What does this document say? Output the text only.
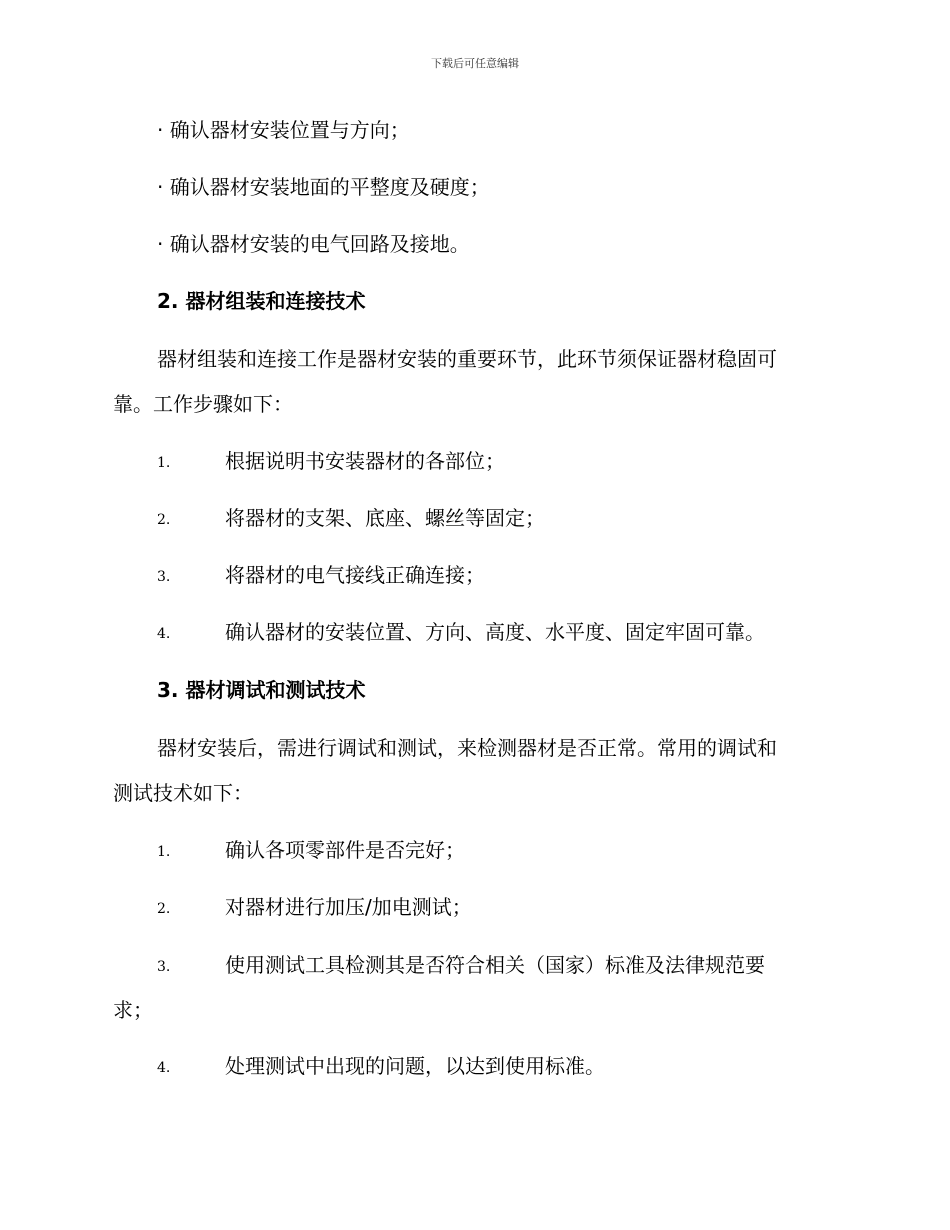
下载后可任意编辑
· 确认器材安装位置与方向；
· 确认器材安装地面的平整度及硬度；
· 确认器材安装的电气回路及接地。
2. 器材组装和连接技术
器材组装和连接工作是器材安装的重要环节，此环节须保证器材稳固可
靠。工作步骤如下：
1.	根据说明书安装器材的各部位；
2.	将器材的支架、底座、螺丝等固定；
3.	将器材的电气接线正确连接；
4.	确认器材的安装位置、方向、高度、水平度、固定牢固可靠。
3. 器材调试和测试技术
器材安装后，需进行调试和测试，来检测器材是否正常。常用的调试和
测试技术如下：
1.	确认各项零部件是否完好；
2.	对器材进行加压/加电测试；
3.	使用测试工具检测其是否符合相关（国家）标准及法律规范要
求；
4.	处理测试中出现的问题，以达到使用标准。
